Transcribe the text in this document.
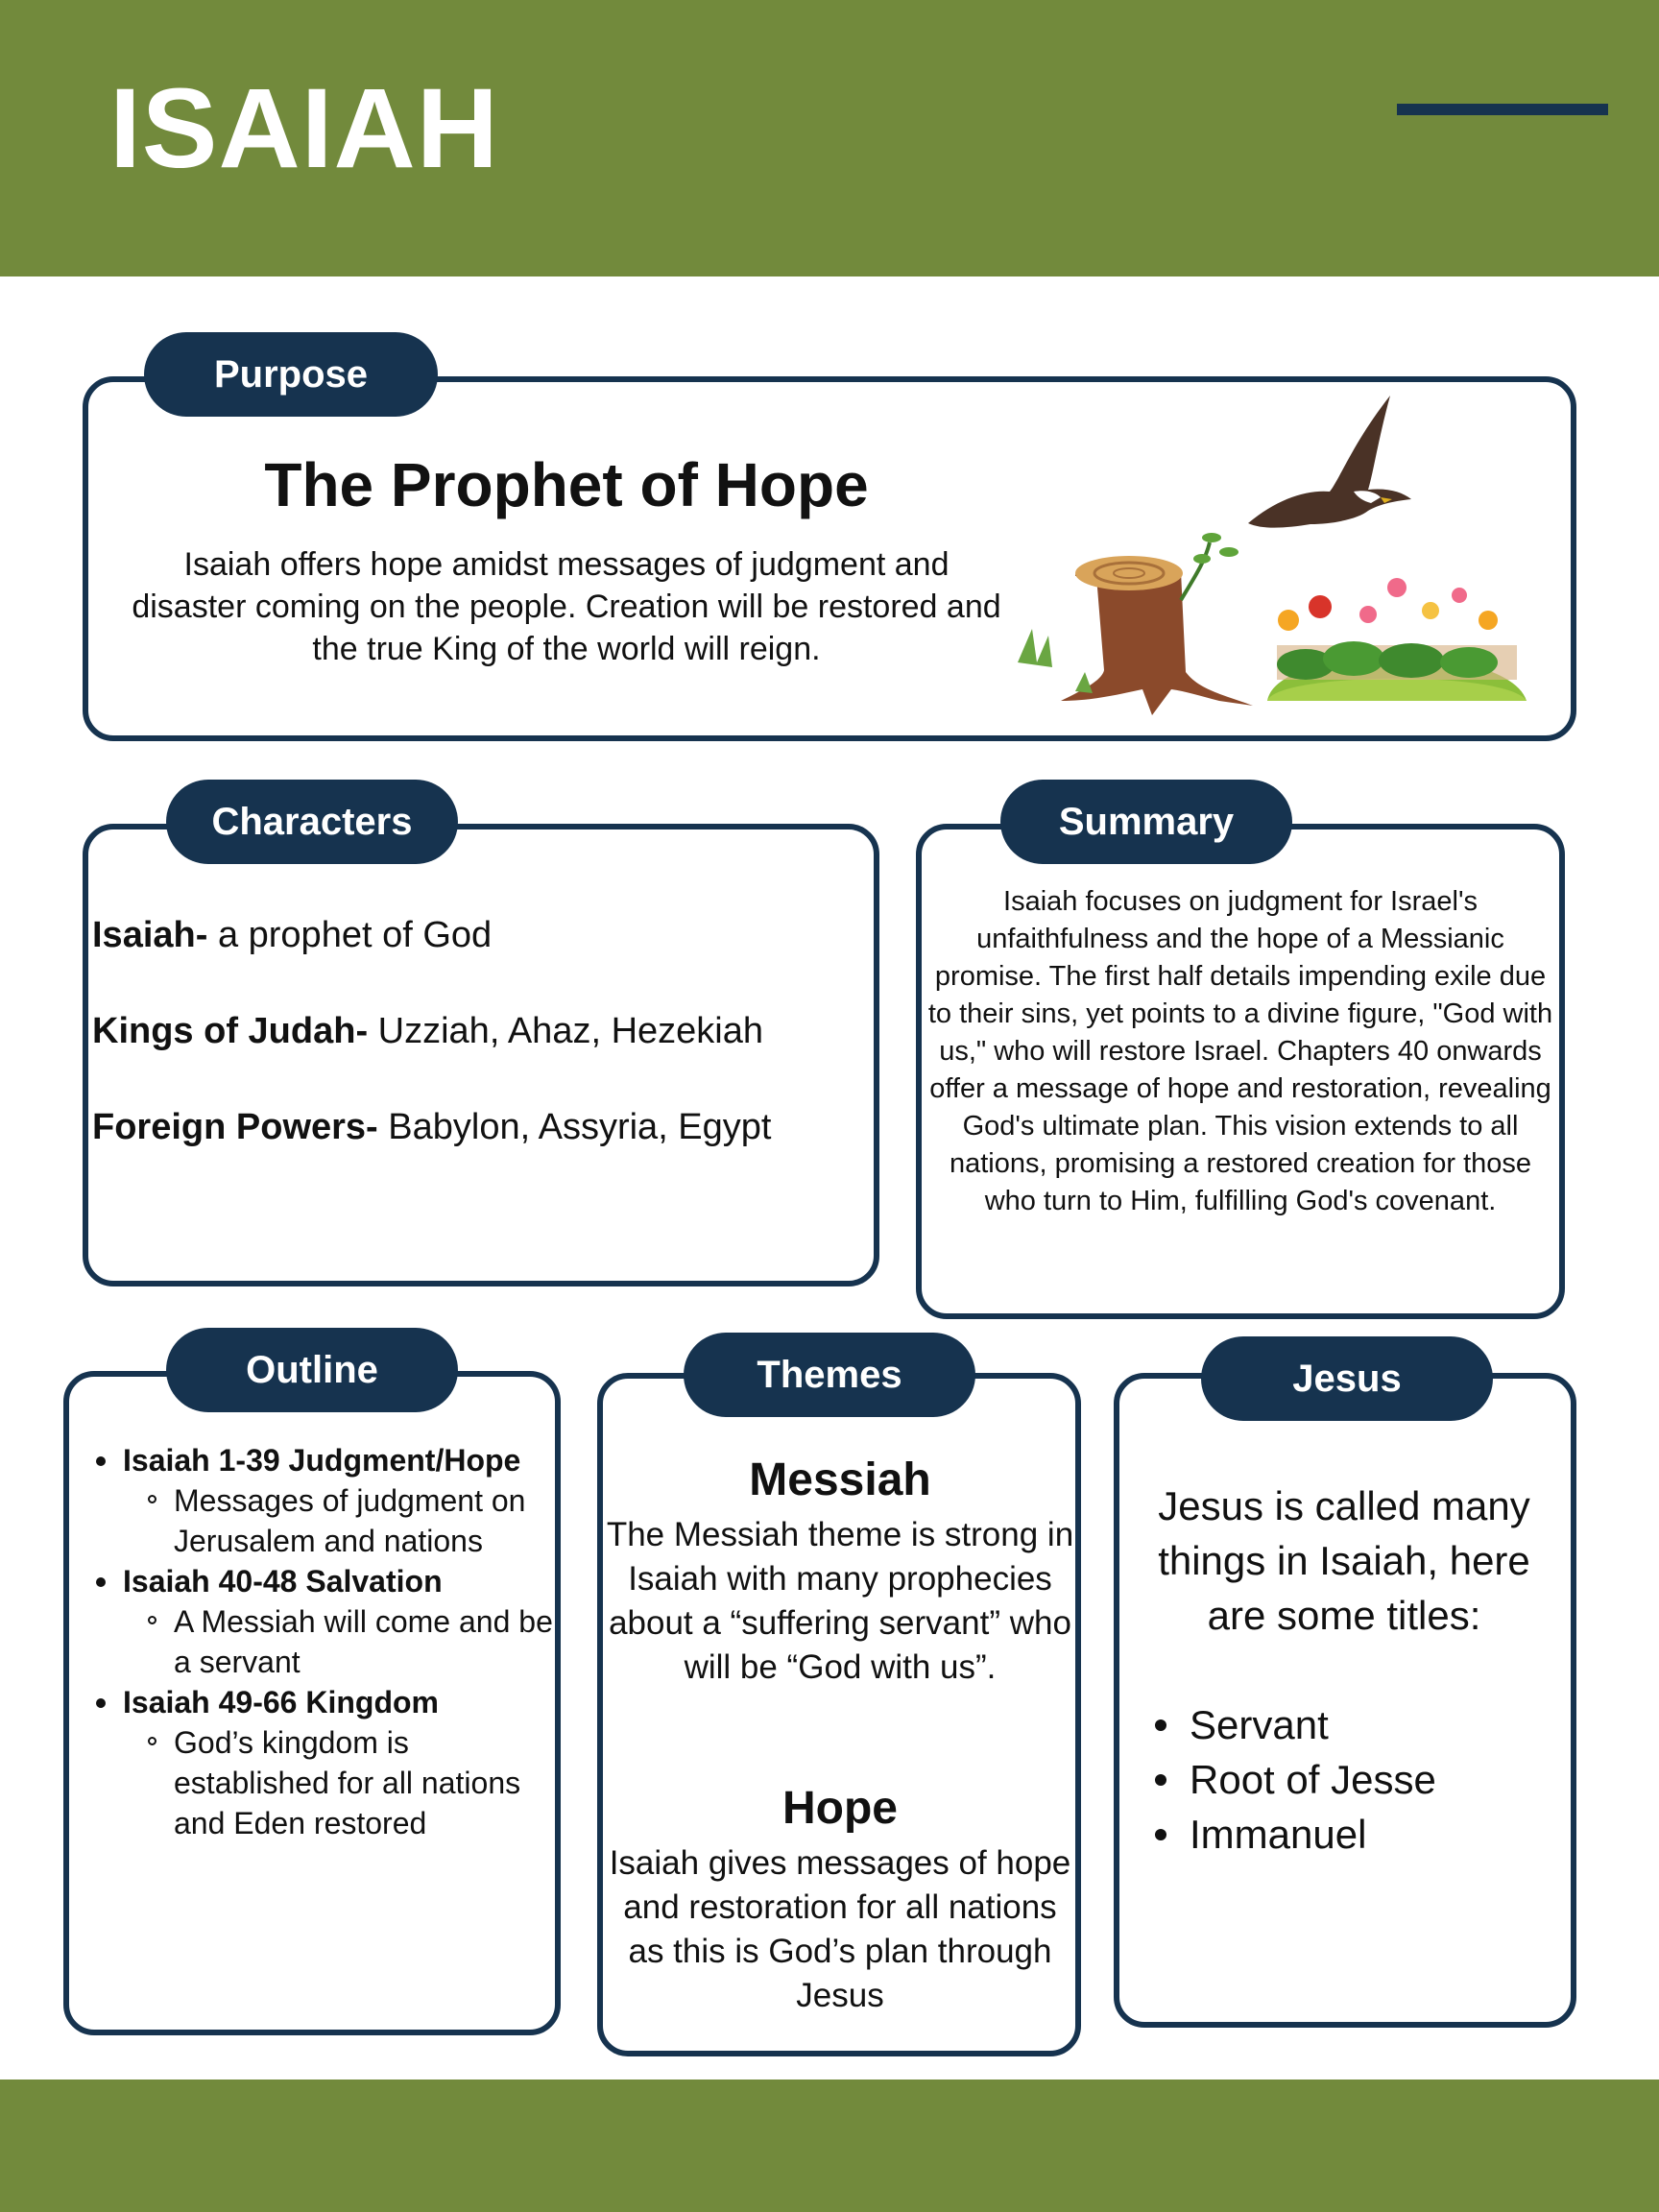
ISAIAH
Purpose
The Prophet of Hope

Isaiah offers hope amidst messages of judgment and disaster coming on the people. Creation will be restored and the true King of the world will reign.

Characters

Isaiah- a prophet of God

Kings of Judah- Uzziah, Ahaz, Hezekiah

Foreign Powers- Babylon, Assyria, Egypt

Summary

Isaiah focuses on judgment for Israel's unfaithfulness and the hope of a Messianic promise. The first half details impending exile due to their sins, yet points to a divine figure, "God with us," who will restore Israel. Chapters 40 onwards offer a message of hope and restoration, revealing God's ultimate plan. This vision extends to all nations, promising a restored creation for those who turn to Him, fulfilling God's covenant.

Outline

Isaiah 1-39 Judgment/Hope

Messages of judgment on Jerusalem and nations

Isaiah 40-48 Salvation

A Messiah will come and be a servant

Isaiah 49-66 Kingdom

God’s kingdom is established for all nations and Eden restored

Themes
Messiah

The Messiah theme is strong in Isaiah with many prophecies about a “suffering servant” who will be “God with us”.

Hope

Isaiah gives messages of hope and restoration for all nations as this is God’s plan through Jesus

Jesus

Jesus is called many things in Isaiah, here are some titles:

Servant
Root of Jesse
Immanuel
